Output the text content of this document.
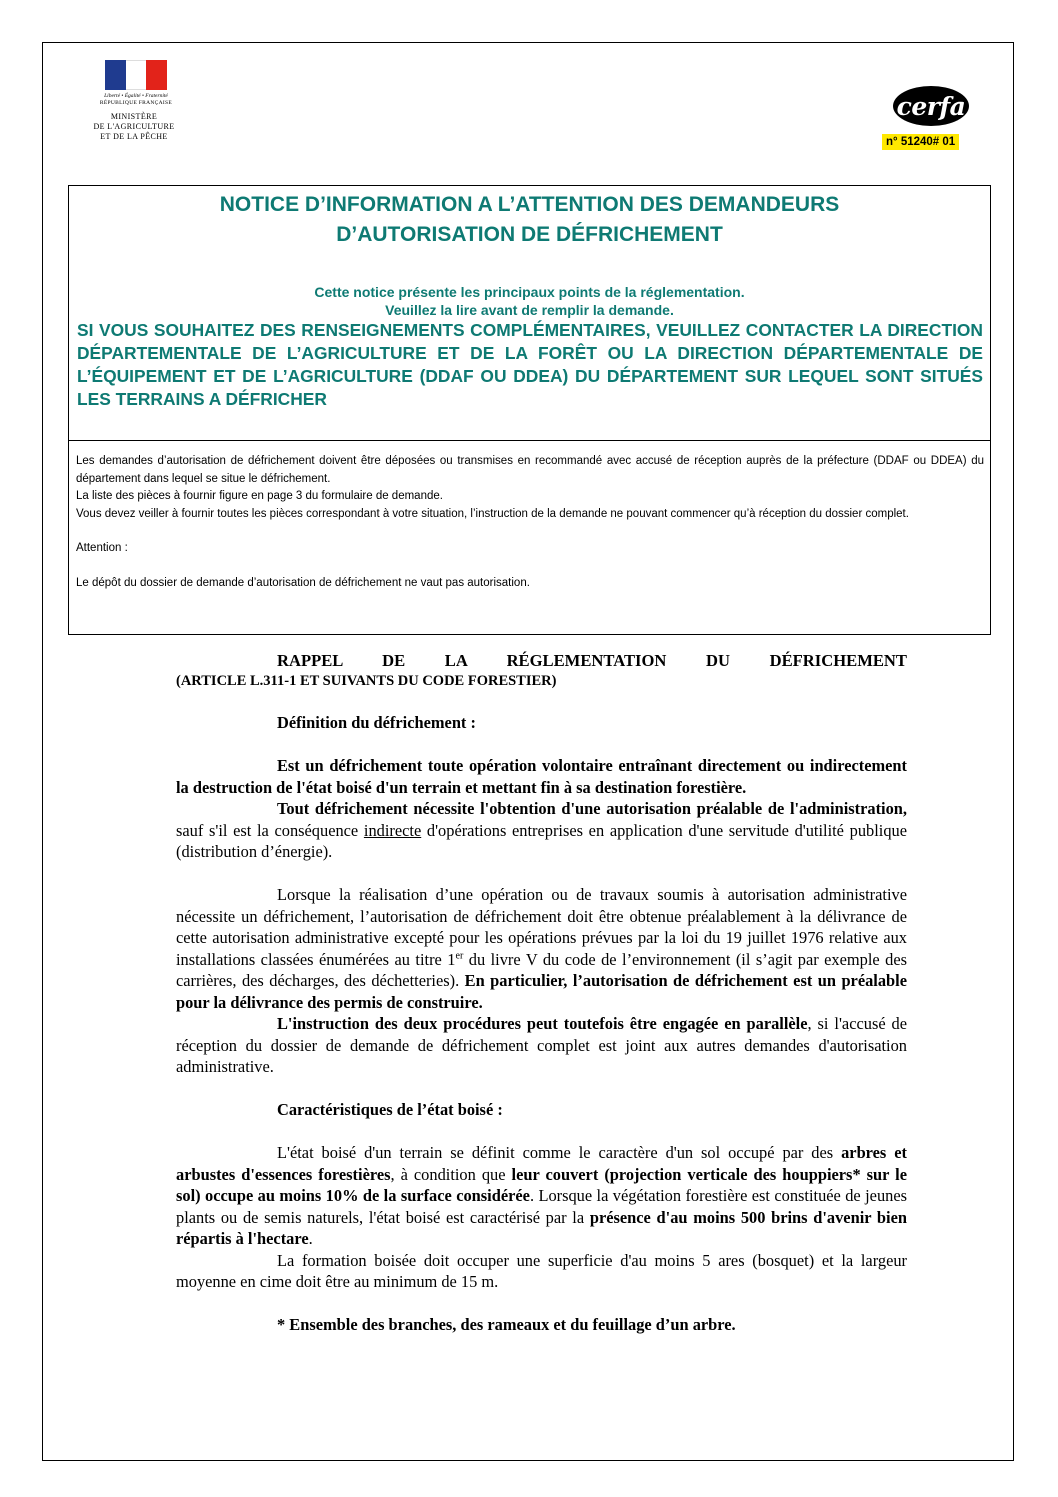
Liberté • Égalité • Fraternité
RÉPUBLIQUE FRANÇAISE
MINISTÈRE
DE L'AGRICULTURE
ET DE LA PÊCHE
cerfa
n° 51240# 01
NOTICE D’INFORMATION A L’ATTENTION DES DEMANDEURS
D’AUTORISATION DE DÉFRICHEMENT
Cette notice présente les principaux points de la réglementation.
Veuillez la lire avant de remplir la demande.
SI VOUS SOUHAITEZ DES RENSEIGNEMENTS COMPLÉMENTAIRES, VEUILLEZ CONTACTER LA DIRECTION DÉPARTEMENTALE DE L’AGRICULTURE ET DE LA FORÊT OU LA DIRECTION DÉPARTEMENTALE DE L’ÉQUIPEMENT ET DE L’AGRICULTURE (DDAF OU DDEA) DU DÉPARTEMENT SUR LEQUEL SONT SITUÉS LES TERRAINS A DÉFRICHER

Les demandes d’autorisation de défrichement doivent être déposées ou transmises en recommandé avec accusé de réception auprès de la préfecture (DDAF ou DDEA) du département dans lequel se situe le défrichement.

La liste des pièces à fournir figure en page 3 du formulaire de demande.

Vous devez veiller à fournir toutes les pièces correspondant à votre situation, l’instruction de la demande ne pouvant commencer qu’à réception du dossier complet.

Attention :

Le dépôt du dossier de demande d’autorisation de défrichement ne vaut pas autorisation.

RAPPEL DE LA RÉGLEMENTATION DU DÉFRICHEMENT

(ARTICLE L.311-1 ET SUIVANTS DU CODE FORESTIER)

Définition du défrichement :

Est un défrichement toute opération volontaire entraînant directement ou indirectement la destruction de l'état boisé d'un terrain et mettant fin à sa destination forestière.

Tout défrichement nécessite l'obtention d'une autorisation préalable de l'administration, sauf s'il est la conséquence indirecte d'opérations entreprises en application d'une servitude d'utilité publique (distribution d’énergie).

Lorsque la réalisation d’une opération ou de travaux soumis à autorisation administrative nécessite un défrichement, l’autorisation de défrichement doit être obtenue préalablement à la délivrance de cette autorisation administrative excepté pour les opérations prévues par la loi du 19 juillet 1976 relative aux installations classées énumérées au titre 1er du livre V du code de l’environnement (il s’agit par exemple des carrières, des décharges, des déchetteries). En particulier, l’autorisation de défrichement est un préalable pour la délivrance des permis de construire.

L'instruction des deux procédures peut toutefois être engagée en parallèle, si l'accusé de réception du dossier de demande de défrichement complet est joint aux autres demandes d'autorisation administrative.

Caractéristiques de l’état boisé :

L'état boisé d'un terrain se définit comme le caractère d'un sol occupé par des arbres et arbustes d'essences forestières, à condition que leur couvert (projection verticale des houppiers* sur le sol) occupe au moins 10% de la surface considérée. Lorsque la végétation forestière est constituée de jeunes plants ou de semis naturels, l'état boisé est caractérisé par la présence d'au moins 500 brins d'avenir bien répartis à l'hectare.

La formation boisée doit occuper une superficie d'au moins 5 ares (bosquet) et la largeur moyenne en cime doit être au minimum de 15 m.

* Ensemble des branches, des rameaux et du feuillage d’un arbre.
